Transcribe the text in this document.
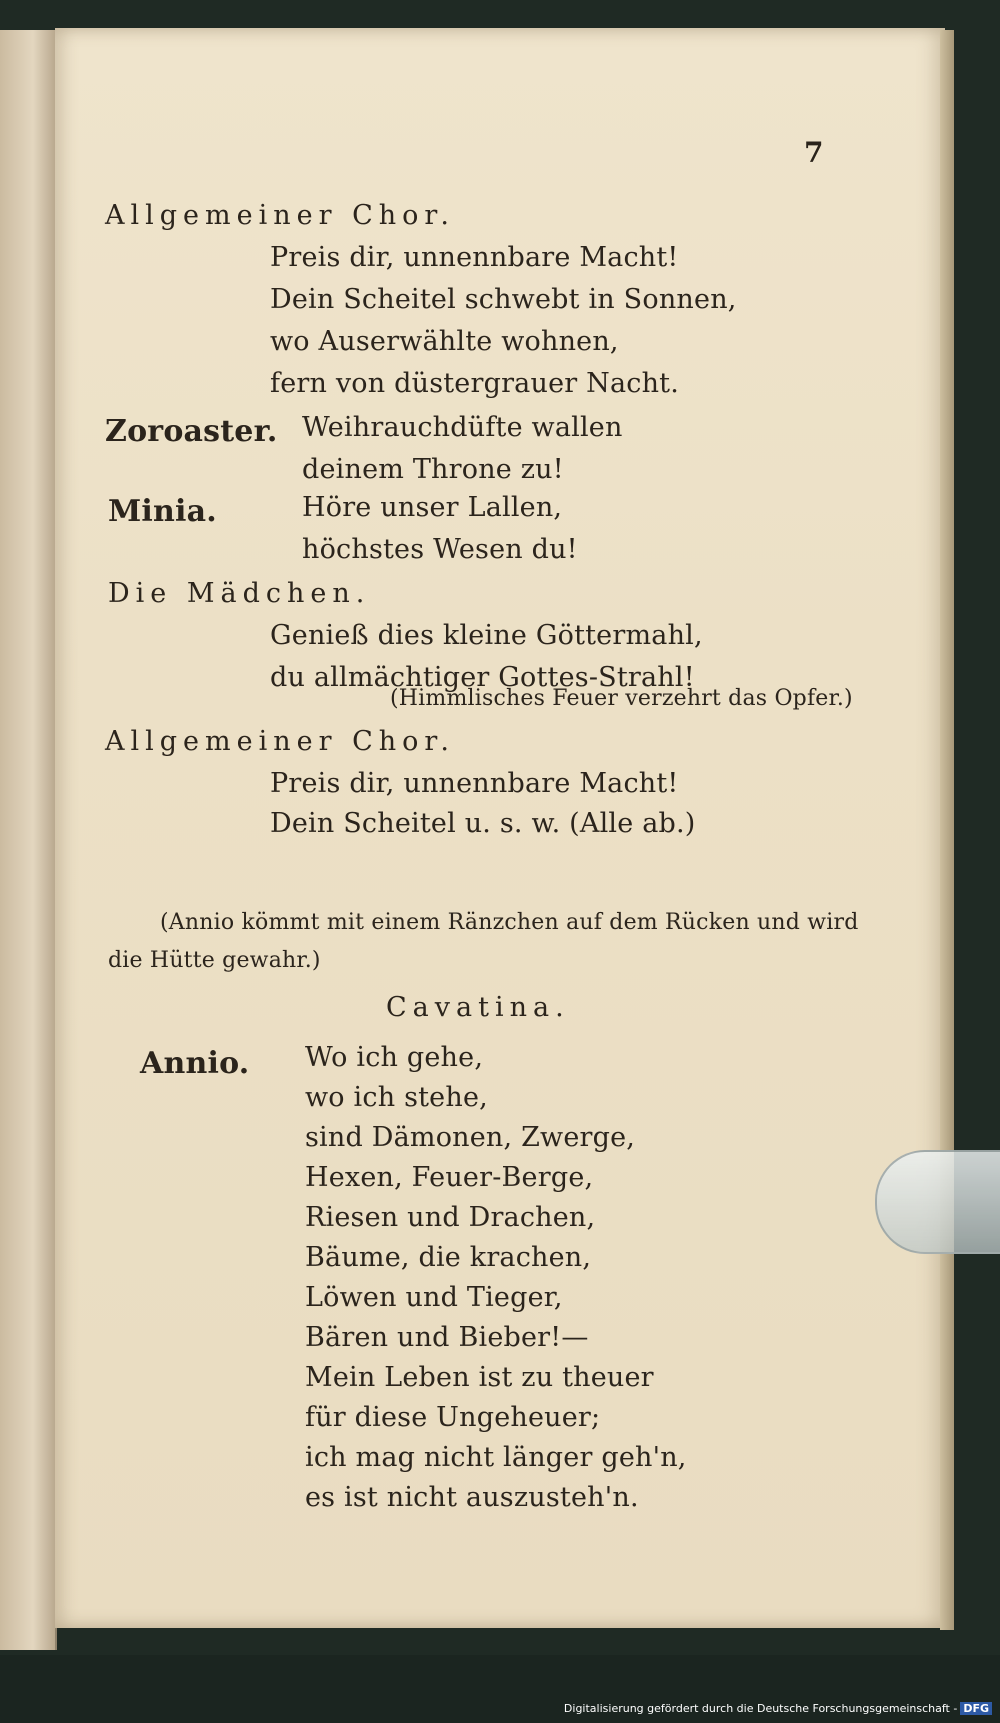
7
Allgemeiner Chor.
Preis dir, unnennbare Macht!
Dein Scheitel schwebt in Sonnen,
wo Auserwählte wohnen,
fern von düstergrauer Nacht.
Zoroaster. Weihrauchdüfte wallen
deinem Throne zu!
Minia.	Höre unser Lallen,
höchstes Wesen du!
Die Mädchen.
Genieß dies kleine Göttermahl,
du allmächtiger Gottes-Strahl!
(Himmlisches Feuer verzehrt das Opfer.)
Allgemeiner Chor.
Preis dir, unnennbare Macht!
Dein Scheitel u. s. w. (Alle ab.)
(Annio kömmt mit einem Ränzchen auf dem Rücken und wird
die Hütte gewahr.)
Cavatina.
Annio. Wo ich gehe,
wo ich stehe,
sind Dämonen, Zwerge,
Hexen, Feuer-Berge,
Riesen und Drachen,
Bäume, die krachen,
Löwen und Tieger,
Bären und Bieber!—
Mein Leben ist zu theuer
für diese Ungeheuer;
ich mag nicht länger geh'n,
es ist nicht auszusteh'n.
Digitalisierung gefördert durch die Deutsche Forschungsgemeinschaft - DFG
